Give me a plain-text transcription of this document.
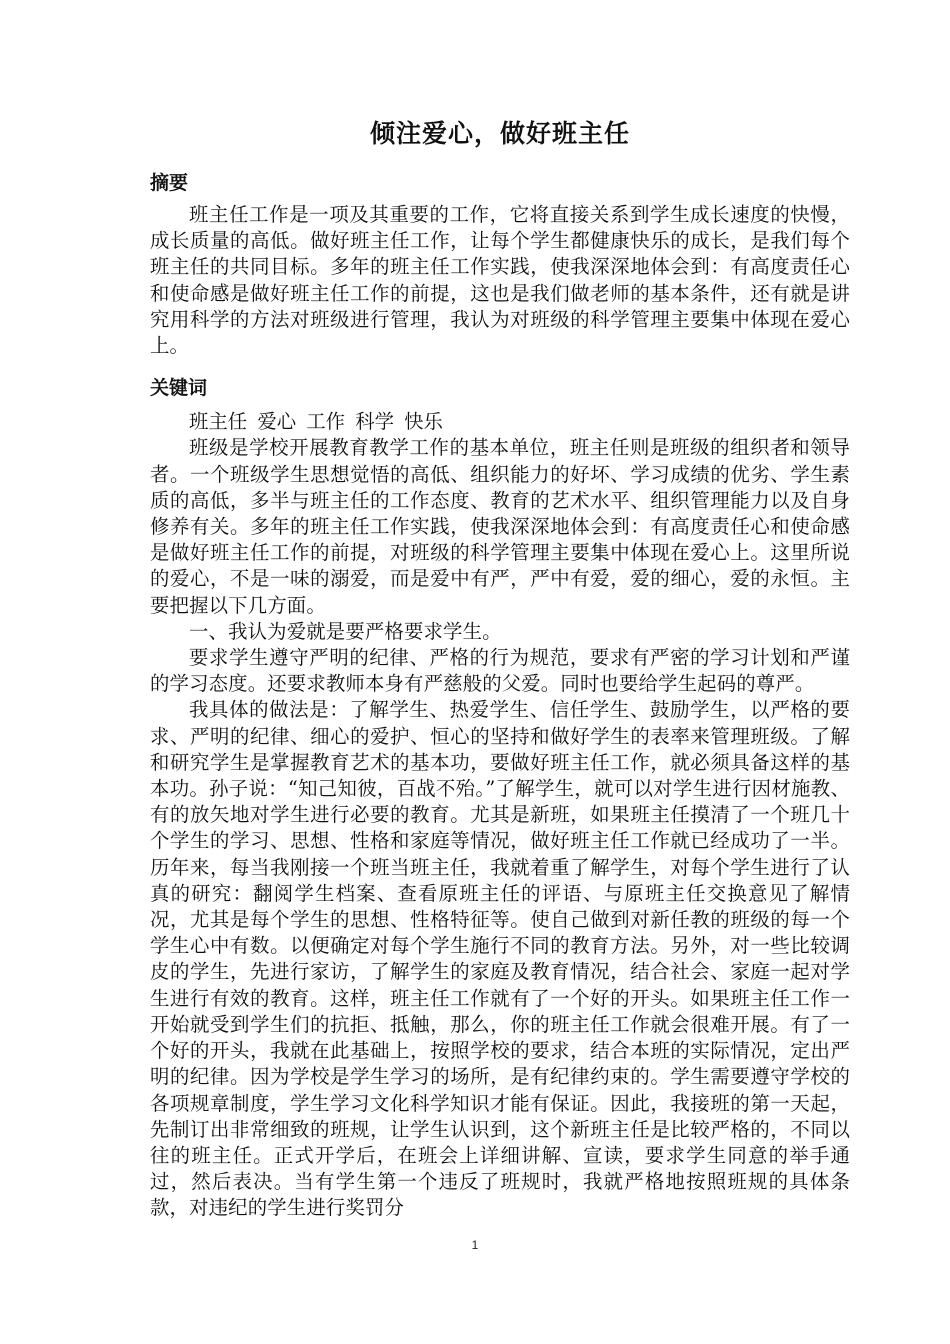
倾注爱心，做好班主任
摘要

班主任工作是一项及其重要的工作，它将直接关系到学生成长速度的快慢，成长质量的高低。做好班主任工作，让每个学生都健康快乐的成长，是我们每个班主任的共同目标。多年的班主任工作实践，使我深深地体会到：有高度责任心和使命感是做好班主任工作的前提，这也是我们做老师的基本条件，还有就是讲究用科学的方法对班级进行管理，我认为对班级的科学管理主要集中体现在爱心上。

关键词

班主任 爱心 工作 科学 快乐

班级是学校开展教育教学工作的基本单位，班主任则是班级的组织者和领导者。一个班级学生思想觉悟的高低、组织能力的好坏、学习成绩的优劣、学生素质的高低，多半与班主任的工作态度、教育的艺术水平、组织管理能力以及自身修养有关。多年的班主任工作实践，使我深深地体会到：有高度责任心和使命感是做好班主任工作的前提，对班级的科学管理主要集中体现在爱心上。这里所说的爱心，不是一味的溺爱，而是爱中有严，严中有爱，爱的细心，爱的永恒。主要把握以下几方面。

一、我认为爱就是要严格要求学生。

要求学生遵守严明的纪律、严格的行为规范，要求有严密的学习计划和严谨的学习态度。还要求教师本身有严慈般的父爱。同时也要给学生起码的尊严。

我具体的做法是：了解学生、热爱学生、信任学生、鼓励学生，以严格的要求、严明的纪律、细心的爱护、恒心的坚持和做好学生的表率来管理班级。了解和研究学生是掌握教育艺术的基本功，要做好班主任工作，就必须具备这样的基本功。孙子说：“知己知彼，百战不殆。”了解学生，就可以对学生进行因材施教、有的放矢地对学生进行必要的教育。尤其是新班，如果班主任摸清了一个班几十个学生的学习、思想、性格和家庭等情况，做好班主任工作就已经成功了一半。历年来，每当我刚接一个班当班主任，我就着重了解学生，对每个学生进行了认真的研究：翻阅学生档案、查看原班主任的评语、与原班主任交换意见了解情况，尤其是每个学生的思想、性格特征等。使自己做到对新任教的班级的每一个学生心中有数。以便确定对每个学生施行不同的教育方法。另外，对一些比较调皮的学生，先进行家访，了解学生的家庭及教育情况，结合社会、家庭一起对学生进行有效的教育。这样，班主任工作就有了一个好的开头。如果班主任工作一开始就受到学生们的抗拒、抵触，那么，你的班主任工作就会很难开展。有了一个好的开头，我就在此基础上，按照学校的要求，结合本班的实际情况，定出严明的纪律。因为学校是学生学习的场所，是有纪律约束的。学生需要遵守学校的各项规章制度，学生学习文化科学知识才能有保证。因此，我接班的第一天起，先制订出非常细致的班规，让学生认识到，这个新班主任是比较严格的，不同以往的班主任。正式开学后，在班会上详细讲解、宣读，要求学生同意的举手通过，然后表决。当有学生第一个违反了班规时，我就严格地按照班规的具体条款，对违纪的学生进行奖罚分

1
